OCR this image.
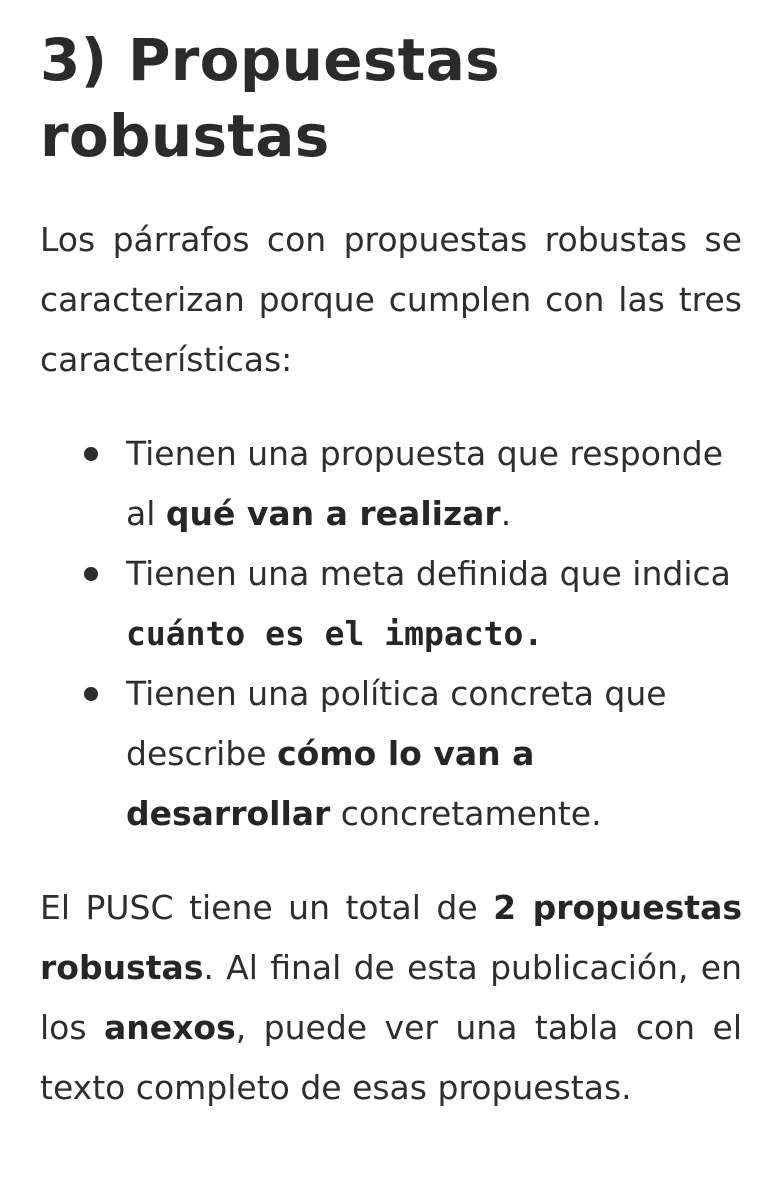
3) Propuestas robustas

Los párrafos con propuestas robustas se caracterizan porque cumplen con las tres características:

Tienen una propuesta que responde al qué van a realizar.
Tienen una meta definida que indica cuánto es el impacto.
Tienen una política concreta que describe cómo lo van a desarrollar concretamente.

El PUSC tiene un total de 2 propuestas robustas. Al final de esta publicación, en los anexos, puede ver una tabla con el texto completo de esas propuestas.
